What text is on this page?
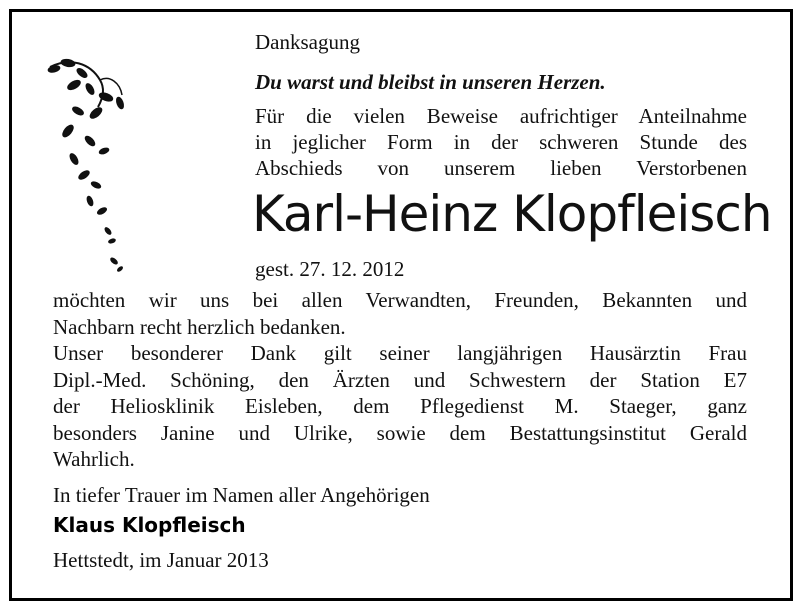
Danksagung
Du warst und bleibst in unseren Herzen.
Für die vielen Beweise aufrichtiger Anteilnahme
in jeglicher Form in der schweren Stunde des
Abschieds von unserem lieben Verstorbenen
Karl-Heinz Klopfleisch
gest. 27. 12. 2012
möchten wir uns bei allen Verwandten, Freunden, Bekannten und
Nachbarn recht herzlich bedanken.
Unser besonderer Dank gilt seiner langjährigen Hausärztin Frau
Dipl.-Med. Schöning, den Ärzten und Schwestern der Station E7
der Heliosklinik Eisleben, dem Pflegedienst M. Staeger, ganz
besonders Janine und Ulrike, sowie dem Bestattungsinstitut Gerald
Wahrlich.
In tiefer Trauer im Namen aller Angehörigen
Klaus Klopfleisch
Hettstedt, im Januar 2013
